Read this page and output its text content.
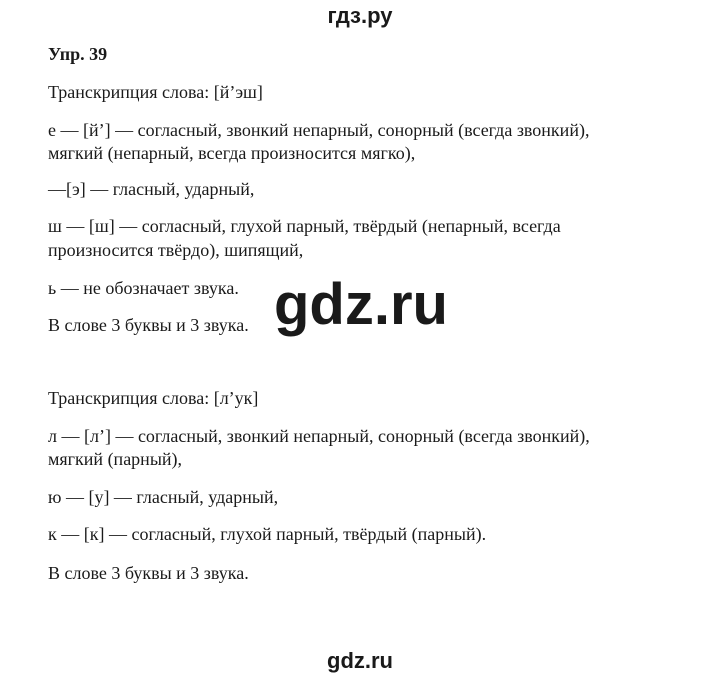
гдз.ру
Упр. 39
Транскрипция слова: [й’эш]
е — [й’] — согласный, звонкий непарный, сонорный (всегда звонкий),
мягкий (непарный, всегда произносится мягко),
—[э] — гласный, ударный,
ш — [ш] — согласный, глухой парный, твёрдый (непарный, всегда
произносится твёрдо), шипящий,
ь — не обозначает звука.
В слове 3 буквы и 3 звука.
Транскрипция слова: [л’ук]
л — [л’] — согласный, звонкий непарный, сонорный (всегда звонкий),
мягкий (парный),
ю — [у] — гласный, ударный,
к — [к] — согласный, глухой парный, твёрдый (парный).
В слове 3 буквы и 3 звука.
gdz.ru
gdz.ru
